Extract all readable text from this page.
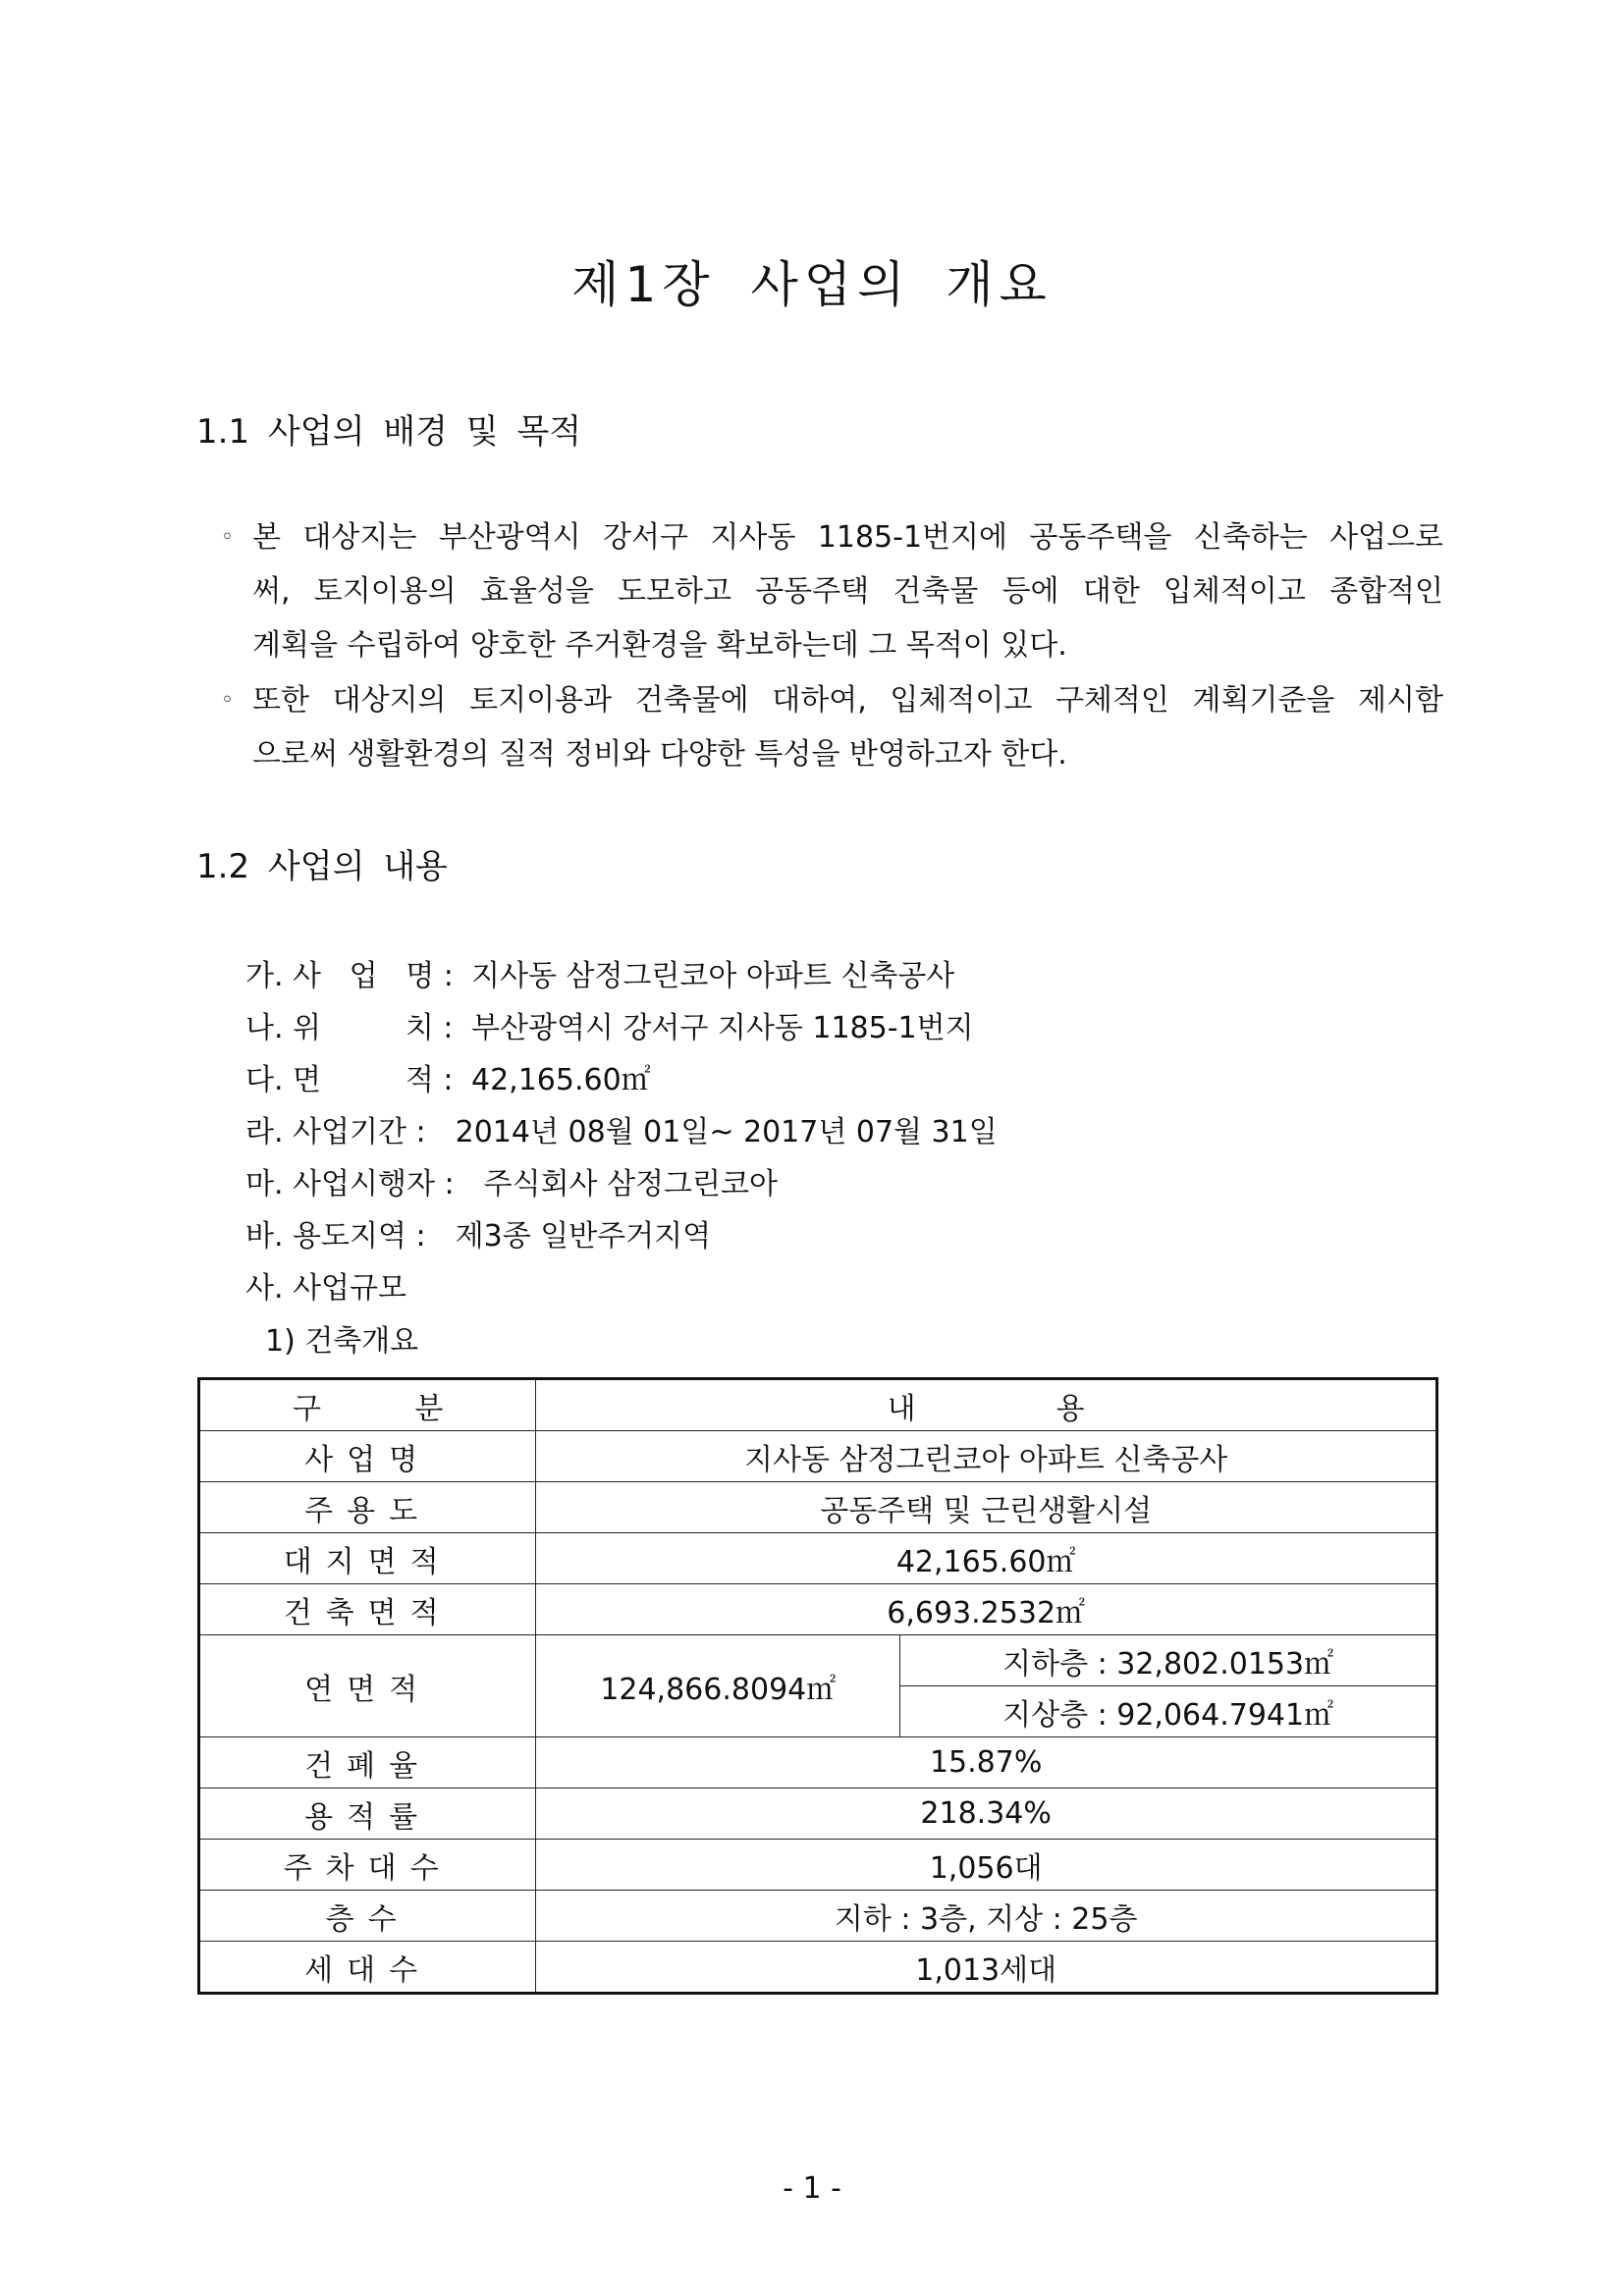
제1장 사업의 개요
1.1 사업의 배경 및 목적
◦ 본 대상지는 부산광역시 강서구 지사동 1185-1번지에 공동주택을 신축하는 사업으로
써, 토지이용의 효율성을 도모하고 공동주택 건축물 등에 대한 입체적이고 종합적인
계획을 수립하여 양호한 주거환경을 확보하는데 그 목적이 있다.
◦ 또한 대상지의 토지이용과 건축물에 대하여, 입체적이고 구체적인 계획기준을 제시함
으로써 생활환경의 질적 정비와 다양한 특성을 반영하고자 한다.
1.2 사업의 내용
가. 사   업   명 : 지사동 삼정그린코아 아파트 신축공사
나. 위         치 : 부산광역시 강서구 지사동 1185-1번지
다. 면         적 : 42,165.60㎡
라. 사업기간 : 2014년 08월 01일~ 2017년 07월 31일
마. 사업시행자 : 주식회사 삼정그린코아
바. 용도지역 : 제3종 일반주거지역
사. 사업규모
1) 건축개요
구          분	내               용	
사업명	지사동 삼정그린코아 아파트 신축공사	
주용도	공동주택 및 근린생활시설	
대지면적	42,165.60㎡	
건축면적	6,693.2532㎡	
연면적	124,866.8094㎡	지하층 : 32,802.0153㎡
		지상층 : 92,064.7941㎡
건폐율	15.87%	
용적률	218.34%	
주차대수	1,056대	
층수	지하 : 3층, 지상 : 25층	
세대수	1,013세대	
- 1 -
